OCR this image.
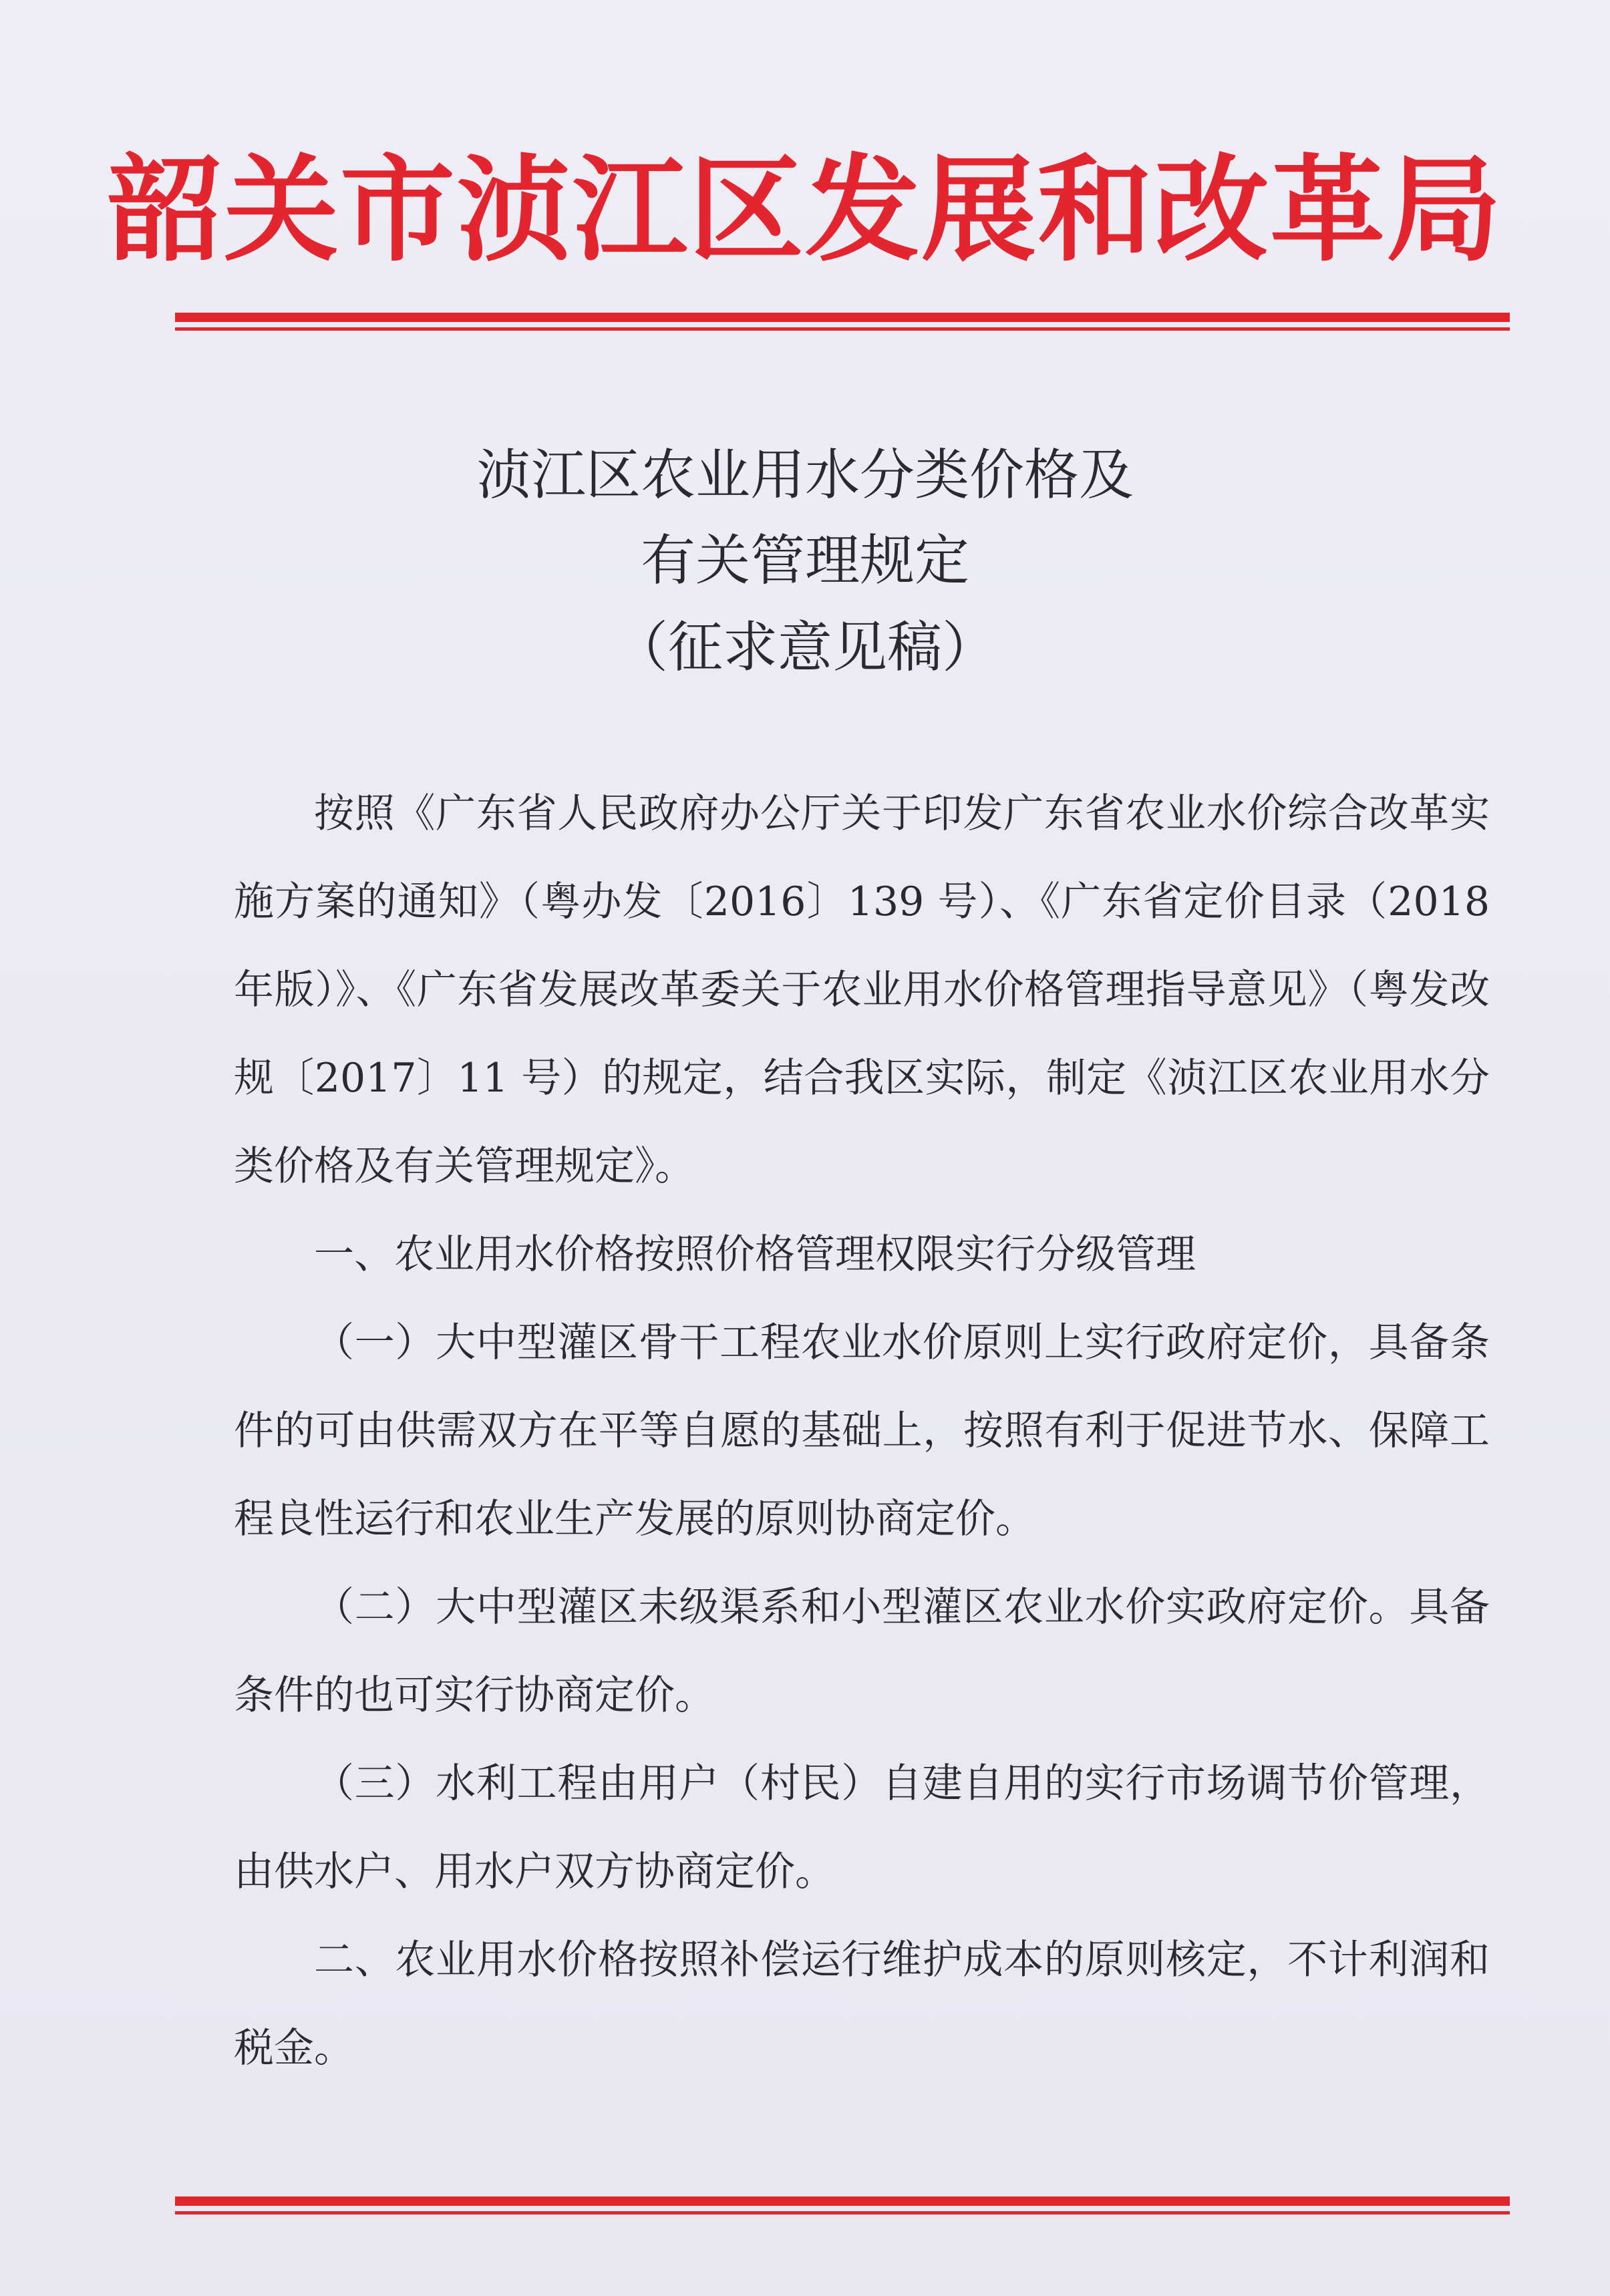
韶关市浈江区发展和改革局
浈江区农业用水分类价格及
有关管理规定
（征求意见稿）

按照《广东省人民政府办公厅关于印发广东省农业水价综合改革实施方案的通知》（粤办发〔2016〕139 号）、《广东省定价目录（2018 年版）》、《广东省发展改革委关于农业用水价格管理指导意见》（粤发改规〔2017〕11 号）的规定，结合我区实际，制定《浈江区农业用水分类价格及有关管理规定》。

一、农业用水价格按照价格管理权限实行分级管理

（一）大中型灌区骨干工程农业水价原则上实行政府定价，具备条件的可由供需双方在平等自愿的基础上，按照有利于促进节水、保障工程良性运行和农业生产发展的原则协商定价。

（二）大中型灌区未级渠系和小型灌区农业水价实政府定价。具备条件的也可实行协商定价。

（三）水利工程由用户（村民）自建自用的实行市场调节价管理，由供水户、用水户双方协商定价。

二、农业用水价格按照补偿运行维护成本的原则核定，不计利润和税金。
